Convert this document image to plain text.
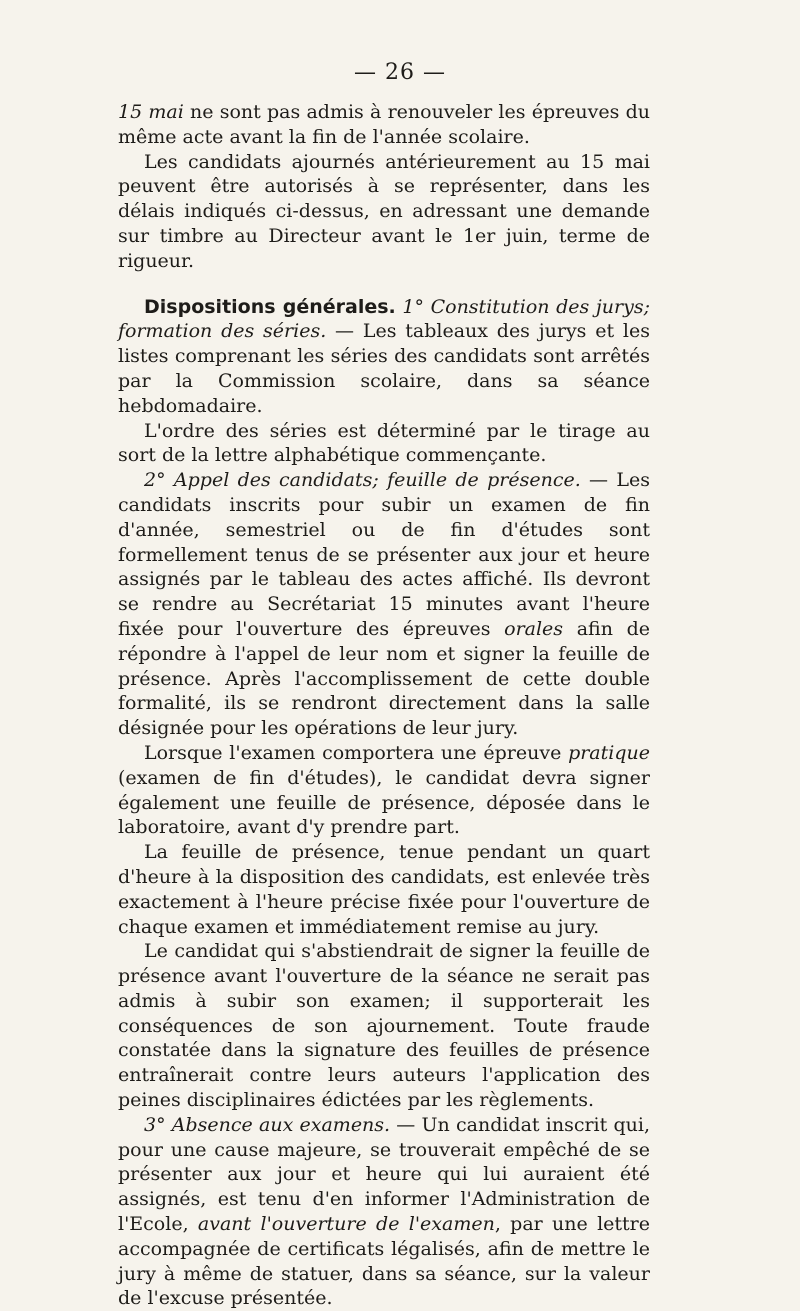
— 26 —

15 mai ne sont pas admis à renouveler les épreuves du même acte avant la fin de l'année scolaire.

Les candidats ajournés antérieurement au 15 mai peuvent être autorisés à se représenter, dans les délais indiqués ci-dessus, en adressant une demande sur timbre au Directeur avant le 1er juin, terme de rigueur.

Dispositions générales. 1° Constitution des jurys; formation des séries. — Les tableaux des jurys et les listes comprenant les séries des candidats sont arrêtés par la Commission scolaire, dans sa séance hebdomadaire.

L'ordre des séries est déterminé par le tirage au sort de la lettre alphabétique commençante.

2° Appel des candidats; feuille de présence. — Les candidats inscrits pour subir un examen de fin d'année, semestriel ou de fin d'études sont formellement tenus de se présenter aux jour et heure assignés par le tableau des actes affiché. Ils devront se rendre au Secrétariat 15 minutes avant l'heure fixée pour l'ouverture des épreuves orales afin de répondre à l'appel de leur nom et signer la feuille de présence. Après l'accomplissement de cette double formalité, ils se rendront directement dans la salle désignée pour les opérations de leur jury.

Lorsque l'examen comportera une épreuve pratique (examen de fin d'études), le candidat devra signer également une feuille de présence, déposée dans le laboratoire, avant d'y prendre part.

La feuille de présence, tenue pendant un quart d'heure à la disposition des candidats, est enlevée très exactement à l'heure précise fixée pour l'ouverture de chaque examen et immédiatement remise au jury.

Le candidat qui s'abstiendrait de signer la feuille de présence avant l'ouverture de la séance ne serait pas admis à subir son examen; il supporterait les conséquences de son ajournement. Toute fraude constatée dans la signature des feuilles de présence entraînerait contre leurs auteurs l'application des peines disciplinaires édictées par les règlements.

3° Absence aux examens. — Un candidat inscrit qui, pour une cause majeure, se trouverait empêché de se présenter aux jour et heure qui lui auraient été assignés, est tenu d'en informer l'Administration de l'Ecole, avant l'ouverture de l'examen, par une lettre accompagnée de certificats légalisés, afin de mettre le jury à même de statuer, dans sa séance, sur la valeur de l'excuse présentée.
